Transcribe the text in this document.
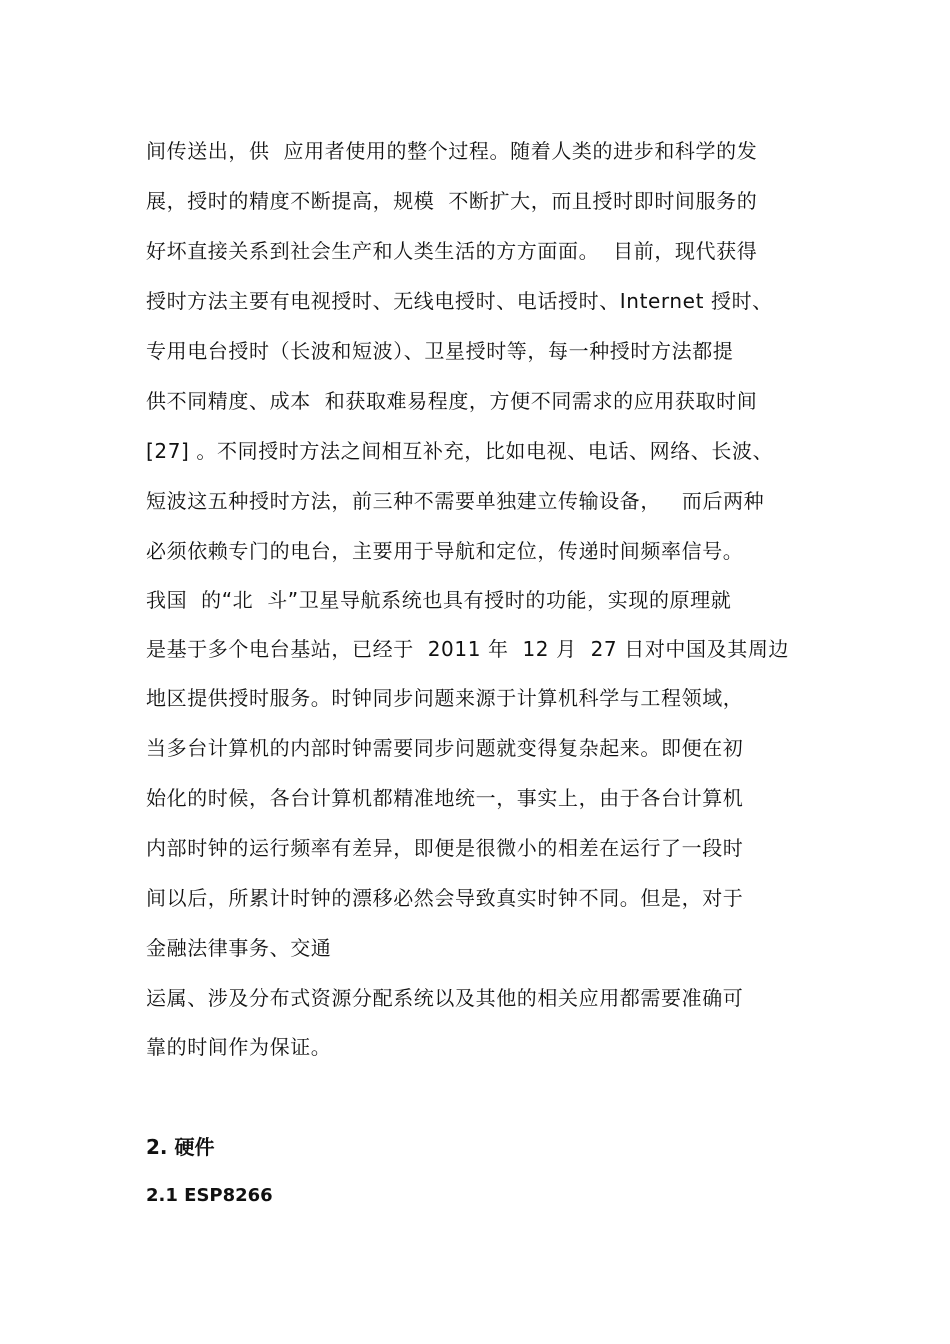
间传送出，供  应用者使用的整个过程。随着人类的进步和科学的发
展，授时的精度不断提高，规模  不断扩大，而且授时即时间服务的
好坏直接关系到社会生产和人类生活的方方面面。  目前，现代获得
授时方法主要有电视授时、无线电授时、电话授时、Internet 授时、
专用电台授时（长波和短波）、卫星授时等，每一种授时方法都提
供不同精度、成本  和获取难易程度，方便不同需求的应用获取时间
[27] 。不同授时方法之间相互补充，比如电视、电话、网络、长波、
短波这五种授时方法，前三种不需要单独建立传输设备，   而后两种
必须依赖专门的电台，主要用于导航和定位，传递时间频率信号。
我国  的“北  斗”卫星导航系统也具有授时的功能，实现的原理就
是基于多个电台基站，已经于  2011 年  12 月  27 日对中国及其周边
地区提供授时服务。时钟同步问题来源于计算机科学与工程领域，
当多台计算机的内部时钟需要同步问题就变得复杂起来。即便在初
始化的时候，各台计算机都精准地统一，事实上，由于各台计算机
内部时钟的运行频率有差异，即便是很微小的相差在运行了一段时
间以后，所累计时钟的漂移必然会导致真实时钟不同。但是，对于
金融法律事务、交通
运属、涉及分布式资源分配系统以及其他的相关应用都需要准确可
靠的时间作为保证。
2. 硬件
2.1 ESP8266
